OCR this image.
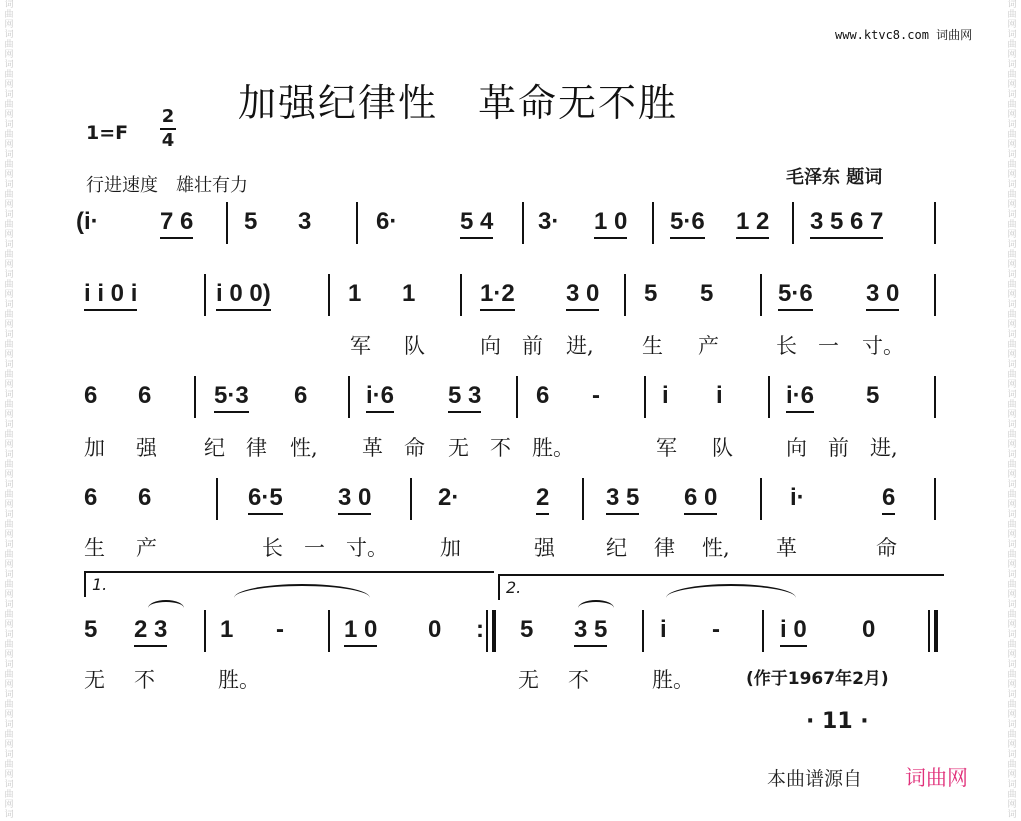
词
曲
网
词
曲
网
词
曲
网
词
曲
网
词
曲
网
词
曲
网
词
曲
网
词
曲
网
词
曲
网
词
曲
网
词
曲
网
词
曲
网
词
曲
网
词
曲
网
词
曲
网
词
曲
网
词
曲
网
词
曲
网
词
曲
网
词
曲
网
词
曲
网
词
曲
网
词
曲
网
词
曲
网
词
曲
网
词
曲
网
词
曲
网
词
词
曲
网
词
曲
网
词
曲
网
词
曲
网
词
曲
网
词
曲
网
词
曲
网
词
曲
网
词
曲
网
词
曲
网
词
曲
网
词
曲
网
词
曲
网
词
曲
网
词
曲
网
词
曲
网
词
曲
网
词
曲
网
词
曲
网
词
曲
网
词
曲
网
词
曲
网
词
曲
网
词
曲
网
词
曲
网
词
曲
网
词
曲
网
词
www.ktvc8.com 词曲网
加强纪律性　革命无不胜
1=F
2
4
行进速度　雄壮有力	毛泽东 题词
(i·	7 6 5 3	6·	5 4 3· 1 0 5·6 1 2 3 5 6 7
i i 0 i	i 0 0)	1 1	1·2 3 0 5 5	5·6 3 0
军 队	向 前 进, 生 产	长 一 寸。
6 6	5·3 6 i·6 5 3 6 -	i i	i·6 5
加 强 纪 律 性, 革 命 无 不 胜。	军 队	向 前 进,
6 6	6·5 3 0	2·	2 3 5 6 0	i·	6
生 产	长 一 寸。 加	强 纪 律 性, 革	命
1.	2.
5 2 3 1 -	1 0 0 : 5 3 5 i -	i 0 0
无 不	胜。	无 不	胜。	(作于1967年2月)
· 11 ·
本曲谱源自 词曲网
